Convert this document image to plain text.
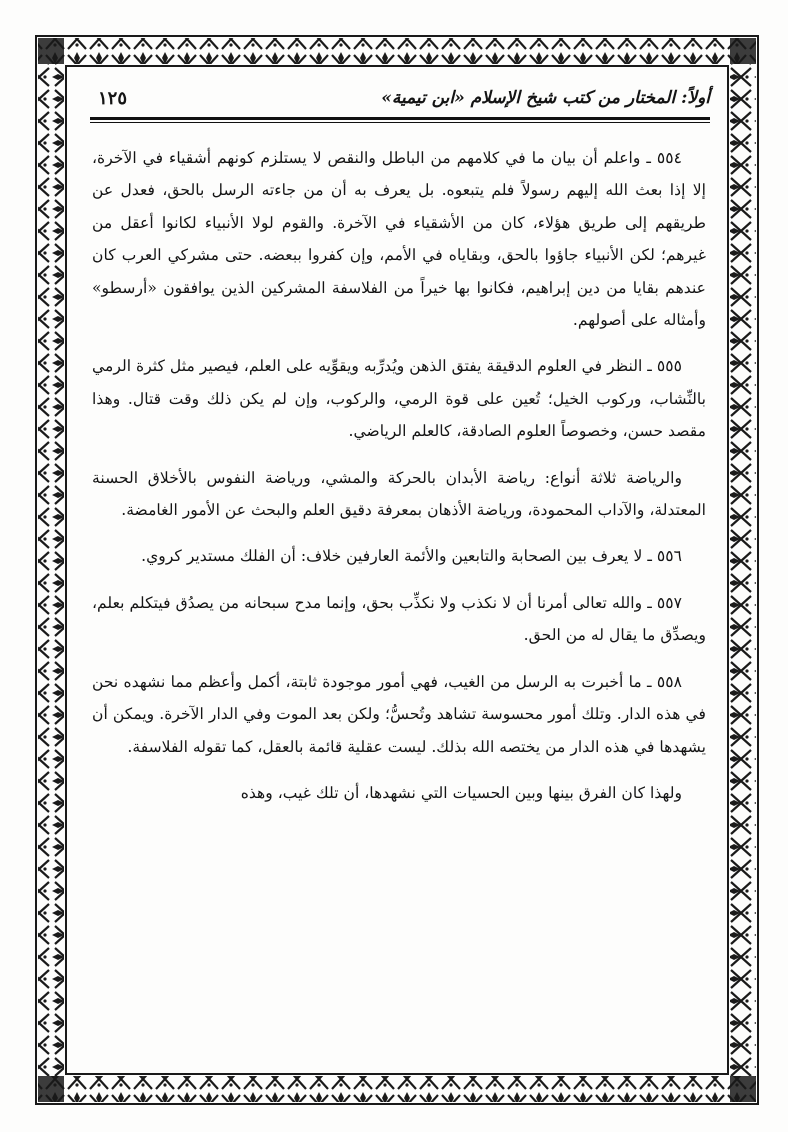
أولاً: المختار من كتب شيخ الإسلام «ابن تيمية»
١٢٥

٥٥٤ ـ واعلم أن بيان ما في كلامهم من الباطل والنقص لا يستلزم كونهم أشقياء في الآخرة، إلا إذا بعث الله إليهم رسولاً فلم يتبعوه. بل يعرف به أن من جاءته الرسل بالحق، فعدل عن طريقهم إلى طريق هؤلاء، كان من الأشقياء في الآخرة. والقوم لولا الأنبياء لكانوا أعقل من غيرهم؛ لكن الأنبياء جاؤوا بالحق، وبقاياه في الأمم، وإن كفروا ببعضه. حتى مشركي العرب كان عندهم بقايا من دين إبراهيم، فكانوا بها خيراً من الفلاسفة المشركين الذين يوافقون «أرسطو» وأمثاله على أصولهم.

٥٥٥ ـ النظر في العلوم الدقيقة يفتق الذهن ويُدرِّبه ويقوِّيه على العلم، فيصير مثل كثرة الرمي بالنِّشاب، وركوب الخيل؛ تُعين على قوة الرمي، والركوب، وإن لم يكن ذلك وقت قتال. وهذا مقصد حسن، وخصوصاً العلوم الصادقة، كالعلم الرياضي.

والرياضة ثلاثة أنواع: رياضة الأبدان بالحركة والمشي، ورياضة النفوس بالأخلاق الحسنة المعتدلة، والآداب المحمودة، ورياضة الأذهان بمعرفة دقيق العلم والبحث عن الأمور الغامضة.

٥٥٦ ـ لا يعرف بين الصحابة والتابعين والأئمة العارفين خلاف: أن الفلك مستدير كروي.

٥٥٧ ـ والله تعالى أمرنا أن لا نكذب ولا نكذِّب بحق، وإنما مدح سبحانه من يصدُق فيتكلم بعلم، ويصدِّق ما يقال له من الحق.

٥٥٨ ـ ما أخبرت به الرسل من الغيب، فهي أمور موجودة ثابتة، أكمل وأعظم مما نشهده نحن في هذه الدار. وتلك أمور محسوسة تشاهد وتُحسُّ؛ ولكن بعد الموت وفي الدار الآخرة. ويمكن أن يشهدها في هذه الدار من يختصه الله بذلك. ليست عقلية قائمة بالعقل، كما تقوله الفلاسفة.

ولهذا كان الفرق بينها وبين الحسيات التي نشهدها، أن تلك غيب، وهذه
